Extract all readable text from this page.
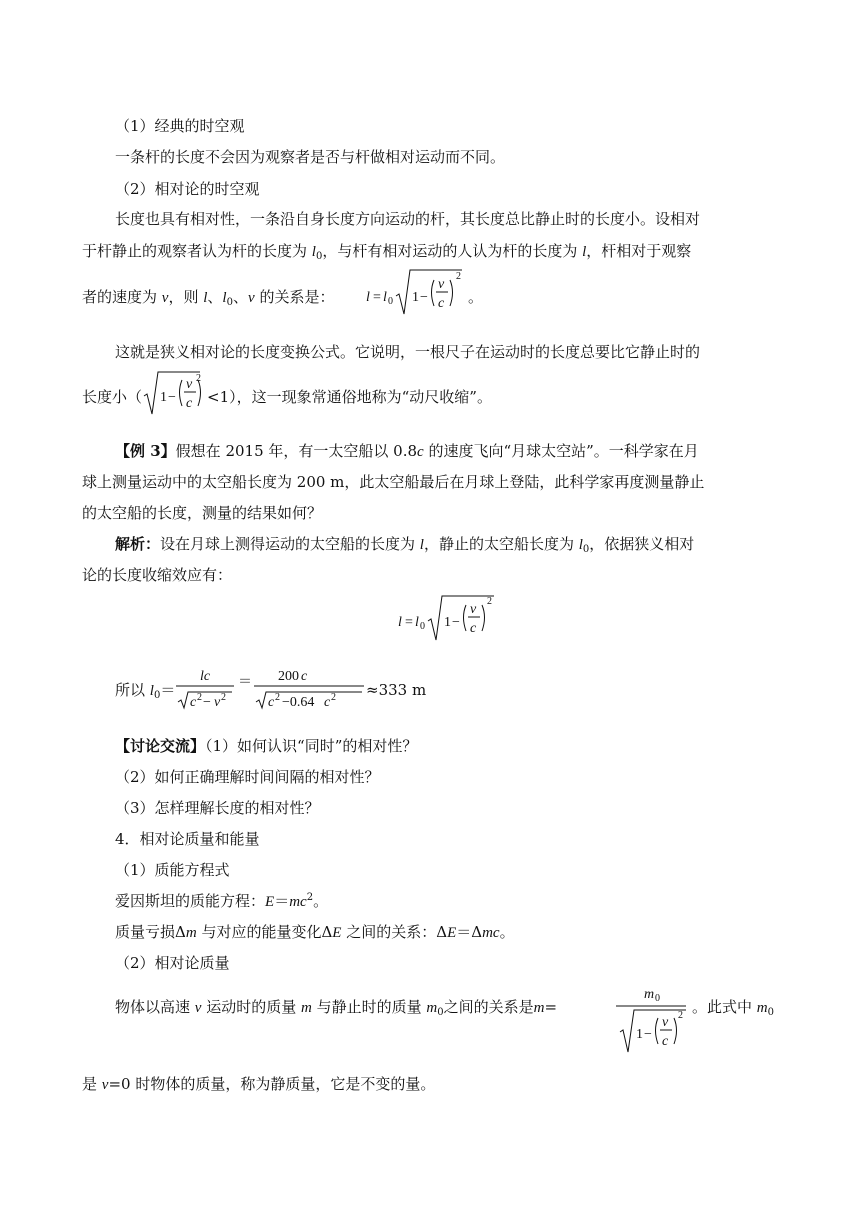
（1）经典的时空观
一条杆的长度不会因为观察者是否与杆做相对运动而不同。
（2）相对论的时空观
长度也具有相对性，一条沿自身长度方向运动的杆，其长度总比静止时的长度小。设相对
于杆静止的观察者认为杆的长度为 $l_0$，与杆有相对运动的人认为杆的长度为 l，杆相对于观察
者的速度为 v，则 l、$l_0$、v 的关系是： l = l 0 1 −
v
c
2
。
这就是狭义相对论的长度变换公式。它说明，一根尺子在运动时的长度总要比它静止时的
长度小（ 1 −
v
c
2
<1），这一现象常通俗地称为“动尺收缩”。
【例 3】假想在 2015 年，有一太空船以 0.8c 的速度飞向“月球太空站”。一科学家在月
球上测量运动中的太空船长度为 200 m，此太空船最后在月球上登陆，此科学家再度测量静止
的太空船的长度，测量的结果如何？
解析：设在月球上测得运动的太空船的长度为 l，静止的太空船长度为 $l_0$，依据狭义相对
论的长度收缩效应有：
l = l 0 1 −
v
c
2
所以 $l_0=$
lc
c 2 − v 2
＝ 200 c
c 2 −0.64 c 2 ≈333 m
【讨论交流】（1）如何认识“同时”的相对性？
（2）如何正确理解时间间隔的相对性？
（3）怎样理解长度的相对性？
4．相对论质量和能量
（1）质能方程式
爱因斯坦的质能方程：$E=mc^2$。
质量亏损Δm 与对应的能量变化ΔE 之间的关系：ΔE＝Δmc。
（2）相对论质量
物体以高速 v 运动时的质量 m 与静止时的质量 $m_0$之间的关系是m=
m 0
1 −
v
c
2 。此式中 $m_0$
是 v=0 时物体的质量，称为静质量，它是不变的量。
